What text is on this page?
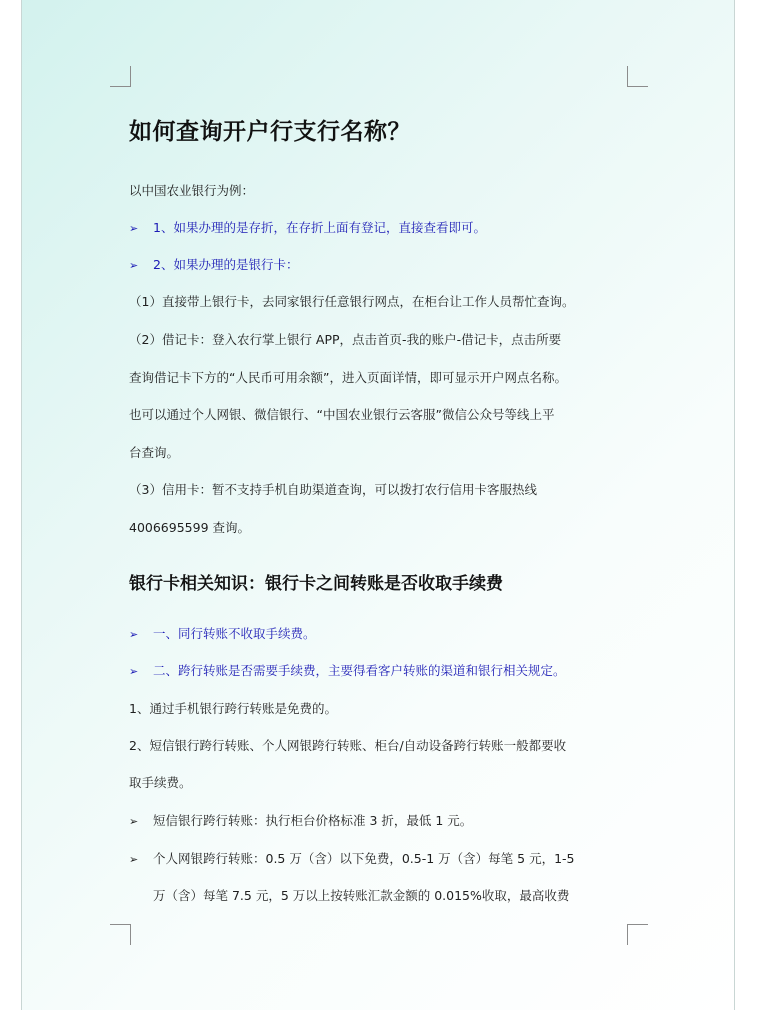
如何查询开户行支行名称？
以中国农业银行为例：
➢ 1、如果办理的是存折，在存折上面有登记，直接查看即可。
➢ 2、如果办理的是银行卡：
（1）直接带上银行卡，去同家银行任意银行网点，在柜台让工作人员帮忙查询。
（2）借记卡：登入农行掌上银行 APP，点击首页-我的账户-借记卡，点击所要
查询借记卡下方的“人民币可用余额”，进入页面详情，即可显示开户网点名称。
也可以通过个人网银、微信银行、“中国农业银行云客服”微信公众号等线上平
台查询。
（3）信用卡：暂不支持手机自助渠道查询，可以拨打农行信用卡客服热线
4006695599 查询。
银行卡相关知识：银行卡之间转账是否收取手续费
➢ 一、同行转账不收取手续费。
➢ 二、跨行转账是否需要手续费，主要得看客户转账的渠道和银行相关规定。
1、通过手机银行跨行转账是免费的。
2、短信银行跨行转账、个人网银跨行转账、柜台/自动设备跨行转账一般都要收
取手续费。
➢ 短信银行跨行转账：执行柜台价格标准 3 折，最低 1 元。
➢ 个人网银跨行转账：0.5 万（含）以下免费，0.5-1 万（含）每笔 5 元，1-5
万（含）每笔 7.5 元，5 万以上按转账汇款金额的 0.015%收取，最高收费
